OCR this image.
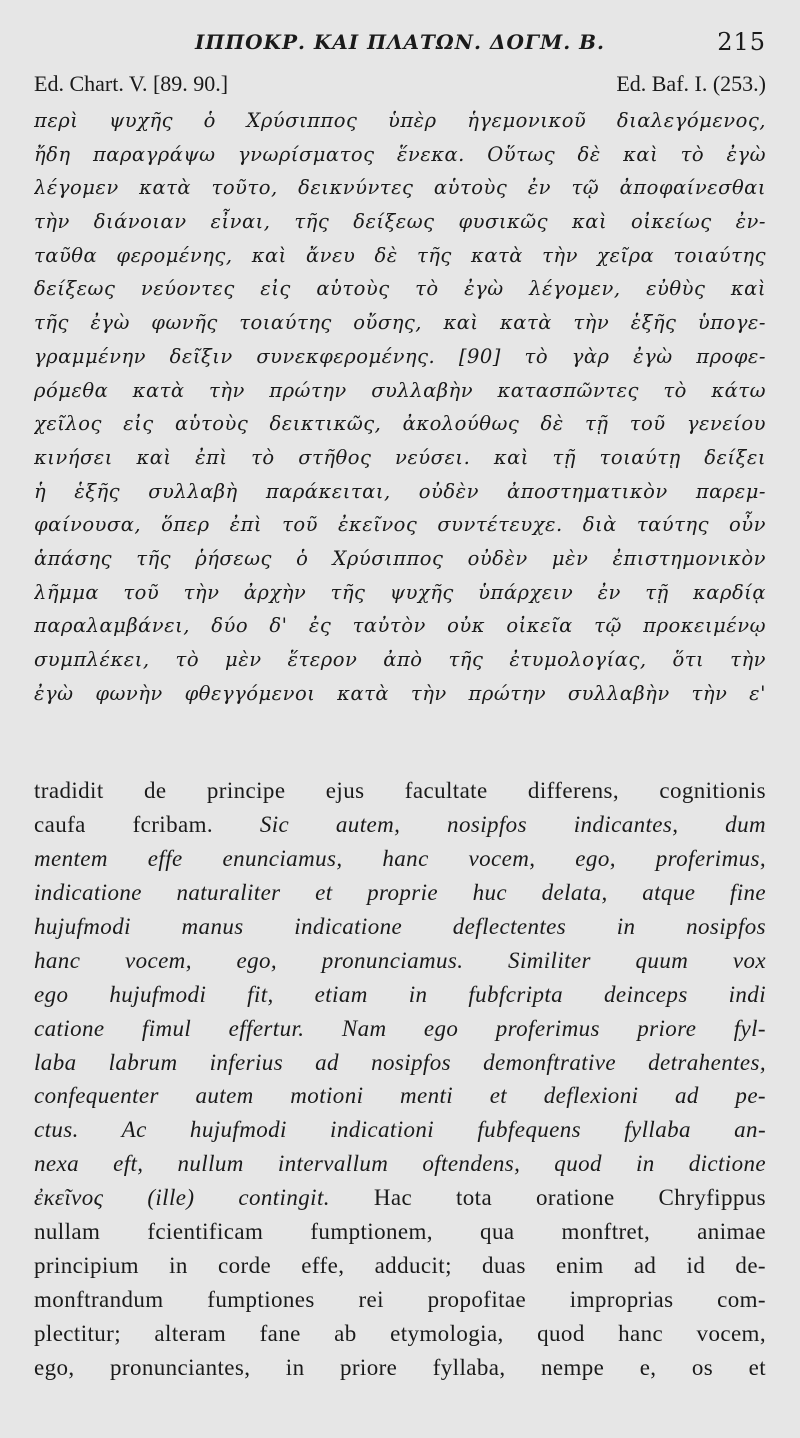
ΙΠΠΟΚΡ. ΚΑΙ ΠΛΑΤΩΝ. ΔΟΓΜ. Β.	215
Ed. Chart. V. [89. 90.]	Ed. Baf. I. (253.)
περὶ ψυχῆς ὁ Χρύσιππος ὑπὲρ ἡγεμονικοῦ διαλεγόμενος,
ἤδη παραγράψω γνωρίσματος ἕνεκα. Οὕτως δὲ καὶ τὸ ἐγὼ
λέγομεν κατὰ τοῦτο, δεικνύντες αὑτοὺς ἐν τῷ ἀποφαίνεσθαι
τὴν διάνοιαν εἶναι, τῆς δείξεως φυσικῶς καὶ οἰκείως ἐν-
ταῦθα φερομένης, καὶ ἄνευ δὲ τῆς κατὰ τὴν χεῖρα τοιαύτης
δείξεως νεύοντες εἰς αὑτοὺς τὸ ἐγὼ λέγομεν, εὐθὺς καὶ
τῆς ἐγὼ φωνῆς τοιαύτης οὔσης, καὶ κατὰ τὴν ἑξῆς ὑπογε-
γραμμένην δεῖξιν συνεκφερομένης. [90] τὸ γὰρ ἐγὼ προφε-
ρόμεθα κατὰ τὴν πρώτην συλλαβὴν κατασπῶντες τὸ κάτω
χεῖλος εἰς αὑτοὺς δεικτικῶς, ἀκολούθως δὲ τῇ τοῦ γενείου
κινήσει καὶ ἐπὶ τὸ στῆθος νεύσει. καὶ τῇ τοιαύτῃ δείξει
ἡ ἑξῆς συλλαβὴ παράκειται, οὐδὲν ἀποστηματικὸν παρεμ-
φαίνουσα, ὅπερ ἐπὶ τοῦ ἐκεῖνος συντέτευχε. διὰ ταύτης οὖν
ἁπάσης τῆς ῥήσεως ὁ Χρύσιππος οὐδὲν μὲν ἐπιστημονικὸν
λῆμμα τοῦ τὴν ἀρχὴν τῆς ψυχῆς ὑπάρχειν ἐν τῇ καρδίᾳ
παραλαμβάνει, δύο δ' ἐς ταὐτὸν οὐκ οἰκεῖα τῷ προκειμένῳ
συμπλέκει, τὸ μὲν ἕτερον ἀπὸ τῆς ἐτυμολογίας, ὅτι τὴν
ἐγὼ φωνὴν φθεγγόμενοι κατὰ τὴν πρώτην συλλαβὴν τὴν ε'
tradidit de principe ejus facultate differens, cognitionis
caufa fcribam. Sic autem, nosipfos indicantes, dum
mentem effe enunciamus, hanc vocem, ego, proferimus,
indicatione naturaliter et proprie huc delata, atque fine
hujufmodi manus indicatione deflectentes in nosipfos
hanc vocem, ego, pronunciamus. Similiter quum vox
ego hujufmodi fit, etiam in fubfcripta deinceps indi
catione fimul effertur. Nam ego proferimus priore fyl-
laba labrum inferius ad nosipfos demonftrative detrahentes,
confequenter autem motioni menti et deflexioni ad pe-
ctus. Ac hujufmodi indicationi fubfequens fyllaba an-
nexa eft, nullum intervallum oftendens, quod in dictione
ἐκεῖνος (ille) contingit. Hac tota oratione Chryfippus
nullam fcientificam fumptionem, qua monftret, animae
principium in corde effe, adducit; duas enim ad id de-
monftrandum fumptiones rei propofitae improprias com-
plectitur; alteram fane ab etymologia, quod hanc vocem,
ego, pronunciantes, in priore fyllaba, nempe e, os et
